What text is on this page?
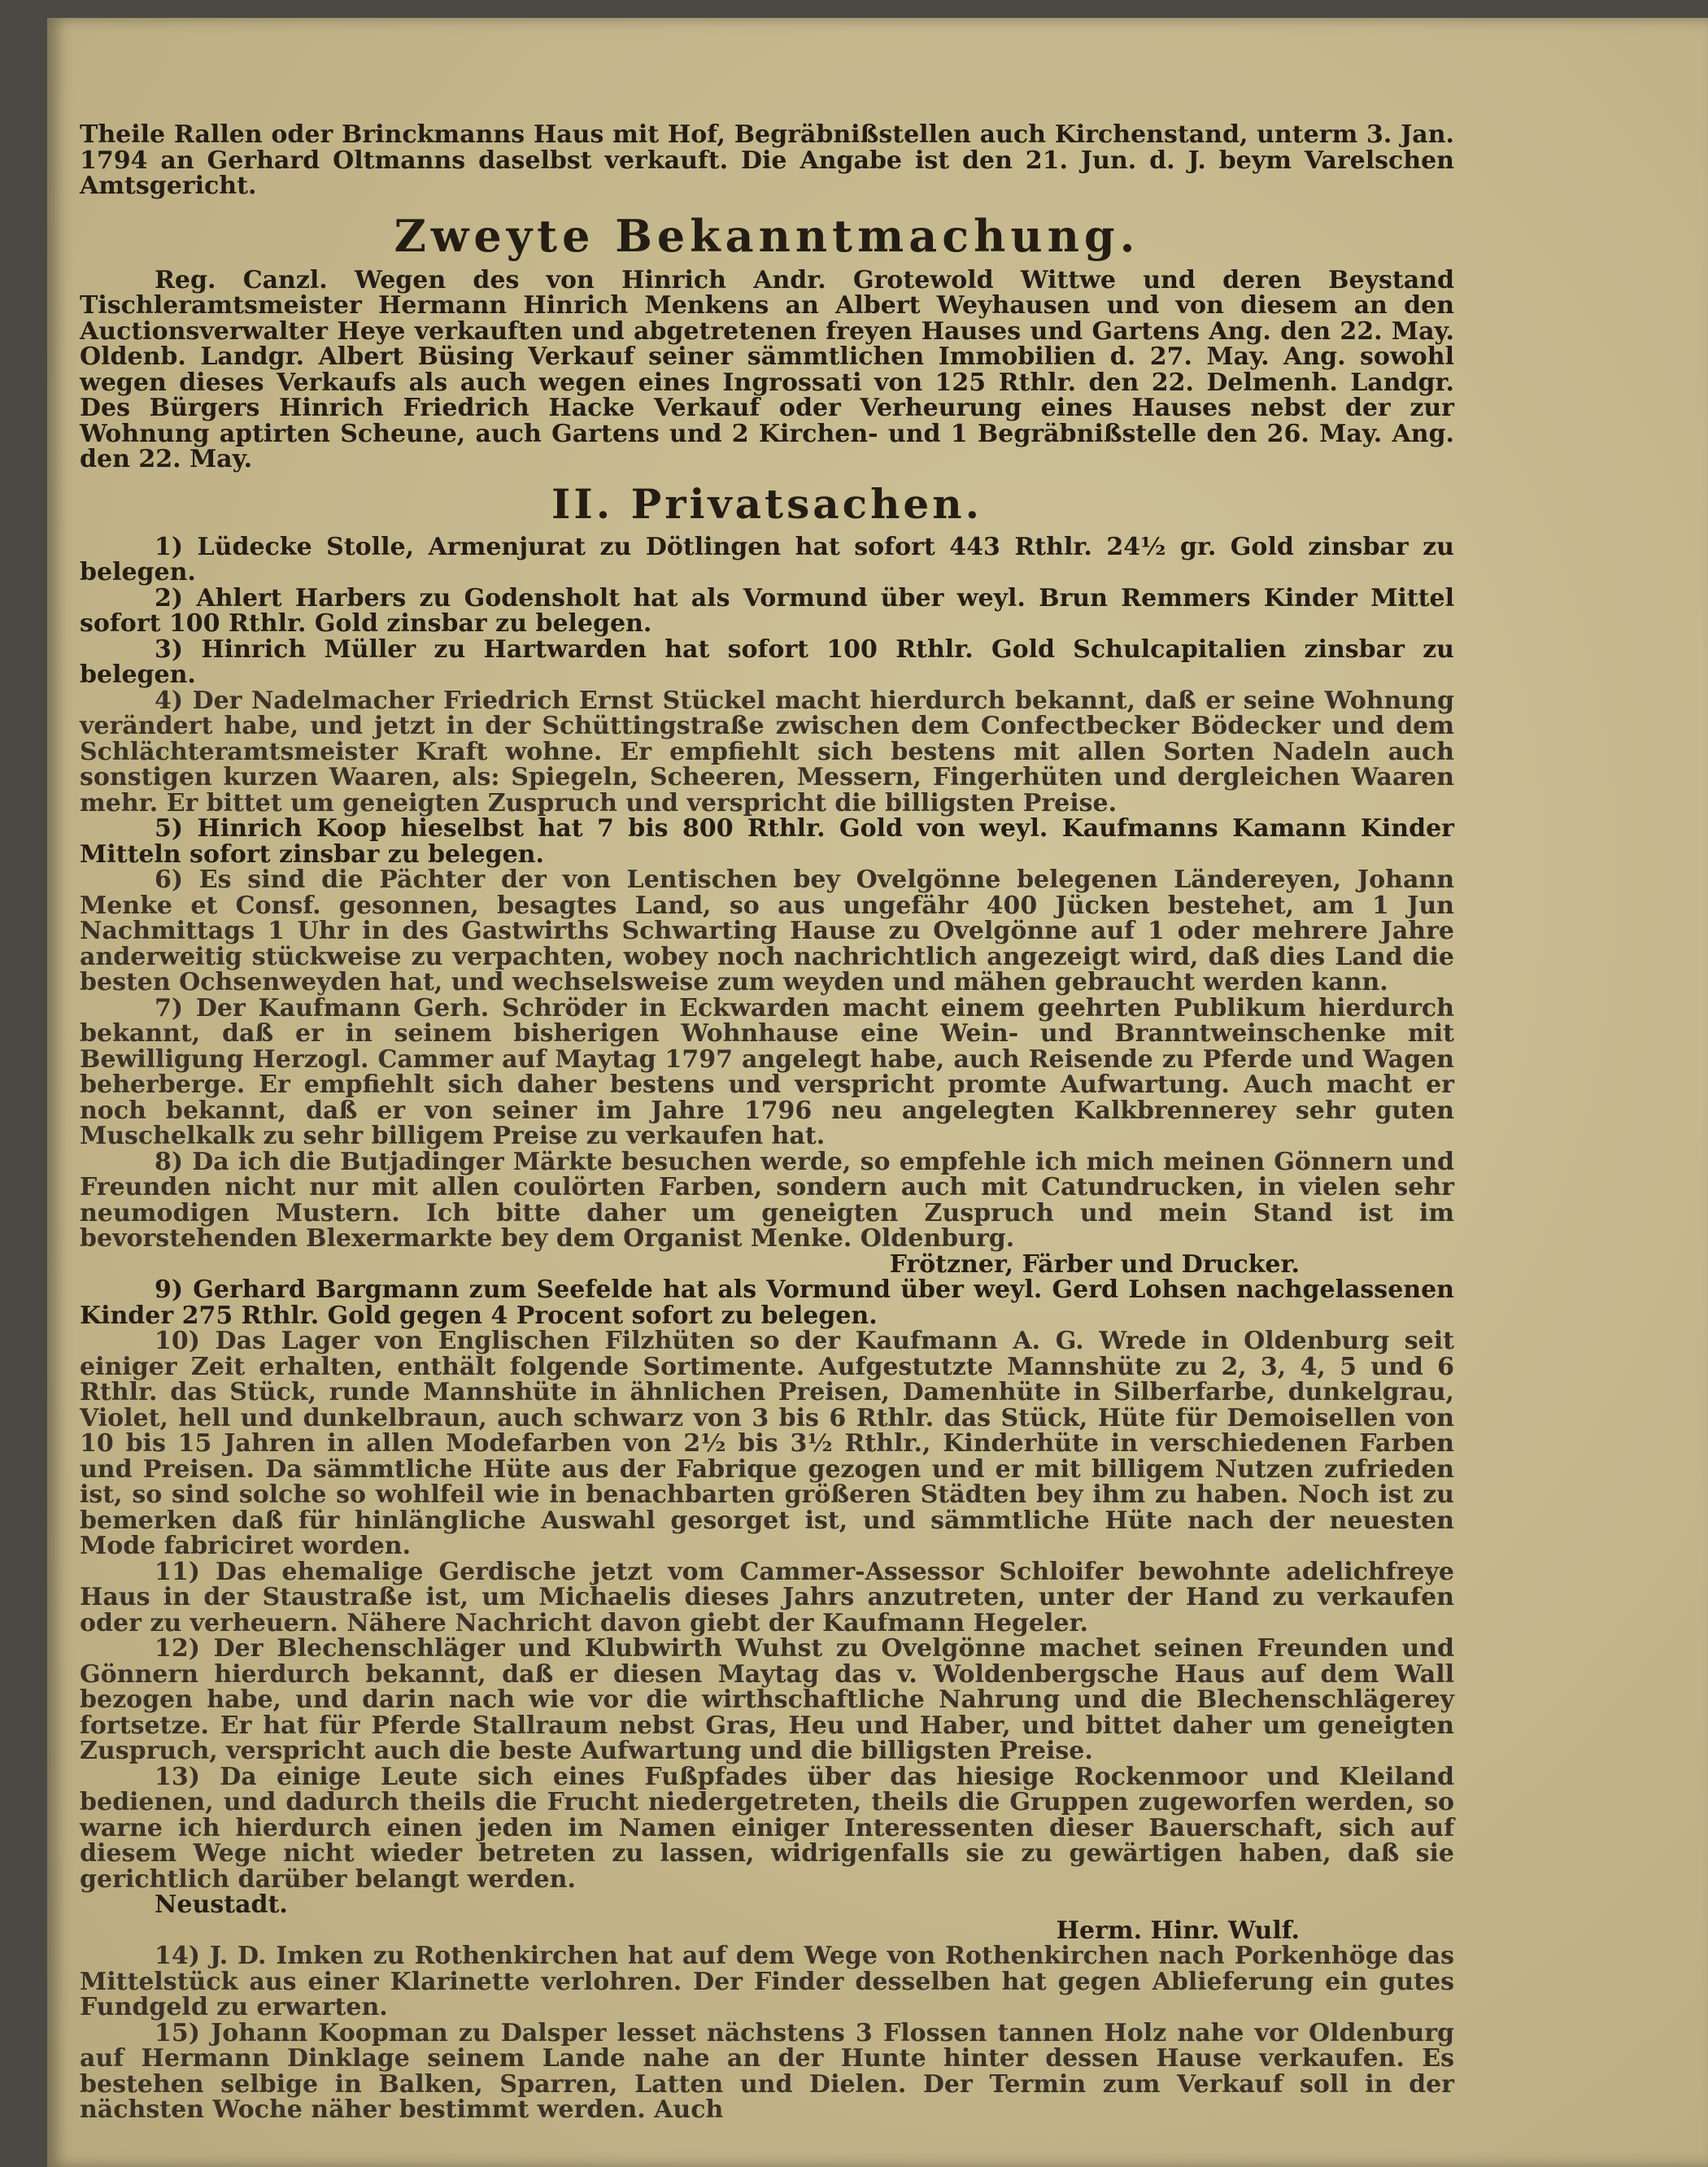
Theile Rallen oder Brinckmanns Haus mit Hof, Begräbnißstellen auch Kirchenstand, unterm 3. Jan. 1794 an Gerhard Oltmanns daselbst verkauft. Die Angabe ist den 21. Jun. d. J. beym Varelschen Amtsgericht.

Zweyte Bekanntmachung.

Reg. Canzl. Wegen des von Hinrich Andr. Grotewold Wittwe und deren Beystand Tischleramtsmeister Hermann Hinrich Menkens an Albert Weyhausen und von diesem an den Auctionsverwalter Heye verkauften und abgetretenen freyen Hauses und Gartens Ang. den 22. May. Oldenb. Landgr. Albert Büsing Verkauf seiner sämmtlichen Immobilien d. 27. May. Ang. sowohl wegen dieses Verkaufs als auch wegen eines Ingrossati von 125 Rthlr. den 22. Delmenh. Landgr. Des Bürgers Hinrich Friedrich Hacke Verkauf oder Verheurung eines Hauses nebst der zur Wohnung aptirten Scheune, auch Gartens und 2 Kirchen- und 1 Begräbnißstelle den 26. May. Ang. den 22. May.

II. Privatsachen.

1) Lüdecke Stolle, Armenjurat zu Dötlingen hat sofort 443 Rthlr. 24½ gr. Gold zinsbar zu belegen.

2) Ahlert Harbers zu Godensholt hat als Vormund über weyl. Brun Remmers Kinder Mittel sofort 100 Rthlr. Gold zinsbar zu belegen.

3) Hinrich Müller zu Hartwarden hat sofort 100 Rthlr. Gold Schulcapitalien zinsbar zu belegen.

4) Der Nadelmacher Friedrich Ernst Stückel macht hierdurch bekannt, daß er seine Wohnung verändert habe, und jetzt in der Schüttingstraße zwischen dem Confectbecker Bödecker und dem Schlächteramtsmeister Kraft wohne. Er empfiehlt sich bestens mit allen Sorten Nadeln auch sonstigen kurzen Waaren, als: Spiegeln, Scheeren, Messern, Fingerhüten und dergleichen Waaren mehr. Er bittet um geneigten Zuspruch und verspricht die billigsten Preise.

5) Hinrich Koop hieselbst hat 7 bis 800 Rthlr. Gold von weyl. Kaufmanns Kamann Kinder Mitteln sofort zinsbar zu belegen.

6) Es sind die Pächter der von Lentischen bey Ovelgönne belegenen Ländereyen, Johann Menke et Consf. gesonnen, besagtes Land, so aus ungefähr 400 Jücken bestehet, am 1 Jun Nachmittags 1 Uhr in des Gastwirths Schwarting Hause zu Ovelgönne auf 1 oder mehrere Jahre anderweitig stückweise zu verpachten, wobey noch nachrichtlich angezeigt wird, daß dies Land die besten Ochsenweyden hat, und wechselsweise zum weyden und mähen gebraucht werden kann.

7) Der Kaufmann Gerh. Schröder in Eckwarden macht einem geehrten Publikum hierdurch bekannt, daß er in seinem bisherigen Wohnhause eine Wein- und Branntweinschenke mit Bewilligung Herzogl. Cammer auf Maytag 1797 angelegt habe, auch Reisende zu Pferde und Wagen beherberge. Er empfiehlt sich daher bestens und verspricht promte Aufwartung. Auch macht er noch bekannt, daß er von seiner im Jahre 1796 neu angelegten Kalkbrennerey sehr guten Muschelkalk zu sehr billigem Preise zu verkaufen hat.

8) Da ich die Butjadinger Märkte besuchen werde, so empfehle ich mich meinen Gönnern und Freunden nicht nur mit allen coulörten Farben, sondern auch mit Catundrucken, in vielen sehr neumodigen Mustern. Ich bitte daher um geneigten Zuspruch und mein Stand ist im bevorstehenden Blexermarkte bey dem Organist Menke. Oldenburg.

Frötzner, Färber und Drucker.

9) Gerhard Bargmann zum Seefelde hat als Vormund über weyl. Gerd Lohsen nachgelassenen Kinder 275 Rthlr. Gold gegen 4 Procent sofort zu belegen.

10) Das Lager von Englischen Filzhüten so der Kaufmann A. G. Wrede in Oldenburg seit einiger Zeit erhalten, enthält folgende Sortimente. Aufgestutzte Mannshüte zu 2, 3, 4, 5 und 6 Rthlr. das Stück, runde Mannshüte in ähnlichen Preisen, Damenhüte in Silberfarbe, dunkelgrau, Violet, hell und dunkelbraun, auch schwarz von 3 bis 6 Rthlr. das Stück, Hüte für Demoisellen von 10 bis 15 Jahren in allen Modefarben von 2½ bis 3½ Rthlr., Kinderhüte in verschiedenen Farben und Preisen. Da sämmtliche Hüte aus der Fabrique gezogen und er mit billigem Nutzen zufrieden ist, so sind solche so wohlfeil wie in benachbarten größeren Städten bey ihm zu haben. Noch ist zu bemerken daß für hinlängliche Auswahl gesorget ist, und sämmtliche Hüte nach der neuesten Mode fabriciret worden.

11) Das ehemalige Gerdische jetzt vom Cammer-Assessor Schloifer bewohnte adelichfreye Haus in der Staustraße ist, um Michaelis dieses Jahrs anzutreten, unter der Hand zu verkaufen oder zu verheuern. Nähere Nachricht davon giebt der Kaufmann Hegeler.

12) Der Blechenschläger und Klubwirth Wuhst zu Ovelgönne machet seinen Freunden und Gönnern hierdurch bekannt, daß er diesen Maytag das v. Woldenbergsche Haus auf dem Wall bezogen habe, und darin nach wie vor die wirthschaftliche Nahrung und die Blechenschlägerey fortsetze. Er hat für Pferde Stallraum nebst Gras, Heu und Haber, und bittet daher um geneigten Zuspruch, verspricht auch die beste Aufwartung und die billigsten Preise.

13) Da einige Leute sich eines Fußpfades über das hiesige Rockenmoor und Kleiland bedienen, und dadurch theils die Frucht niedergetreten, theils die Gruppen zugeworfen werden, so warne ich hierdurch einen jeden im Namen einiger Interessenten dieser Bauerschaft, sich auf diesem Wege nicht wieder betreten zu lassen, widrigenfalls sie zu gewärtigen haben, daß sie gerichtlich darüber belangt werden.

Neustadt.

Herm. Hinr. Wulf.

14) J. D. Imken zu Rothenkirchen hat auf dem Wege von Rothenkirchen nach Porkenhöge das Mittelstück aus einer Klarinette verlohren. Der Finder desselben hat gegen Ablieferung ein gutes Fundgeld zu erwarten.

15) Johann Koopman zu Dalsper lesset nächstens 3 Flossen tannen Holz nahe vor Oldenburg auf Hermann Dinklage seinem Lande nahe an der Hunte hinter dessen Hause verkaufen. Es bestehen selbige in Balken, Sparren, Latten und Dielen. Der Termin zum Verkauf soll in der nächsten Woche näher bestimmt werden. Auch
